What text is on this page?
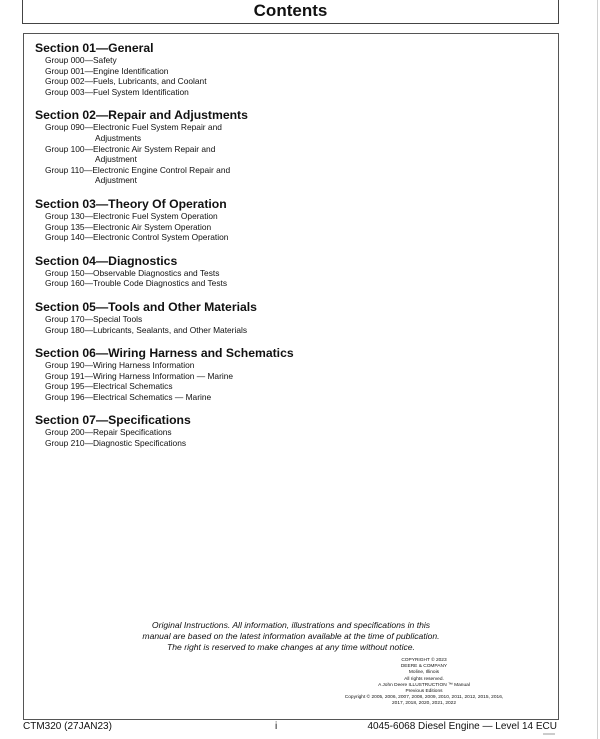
Contents
Section 01—General
Group 000—Safety
Group 001—Engine Identification
Group 002—Fuels, Lubricants, and Coolant
Group 003—Fuel System Identification
Section 02—Repair and Adjustments
Group 090—Electronic Fuel System Repair and
Adjustments
Group 100—Electronic Air System Repair and
Adjustment
Group 110—Electronic Engine Control Repair and
Adjustment
Section 03—Theory Of Operation
Group 130—Electronic Fuel System Operation
Group 135—Electronic Air System Operation
Group 140—Electronic Control System Operation
Section 04—Diagnostics
Group 150—Observable Diagnostics and Tests
Group 160—Trouble Code Diagnostics and Tests
Section 05—Tools and Other Materials
Group 170—Special Tools
Group 180—Lubricants, Sealants, and Other Materials
Section 06—Wiring Harness and Schematics
Group 190—Wiring Harness Information
Group 191—Wiring Harness Information — Marine
Group 195—Electrical Schematics
Group 196—Electrical Schematics — Marine
Section 07—Specifications
Group 200—Repair Specifications
Group 210—Diagnostic Specifications
Original Instructions. All information, illustrations and specifications in this
manual are based on the latest information available at the time of publication.
The right is reserved to make changes at any time without notice.
COPYRIGHT © 2023
DEERE & COMPANY
Moline, Illinois
All rights reserved.
A John Deere ILLUSTRUCTION ™ Manual
Previous Editions
Copyright © 2005, 2006, 2007, 2008, 2009, 2010, 2011, 2012, 2015, 2016,
2017, 2018, 2020, 2021, 2022
CTM320 (27JAN23)	i	4045-6068 Diesel Engine — Level 14 ECU
